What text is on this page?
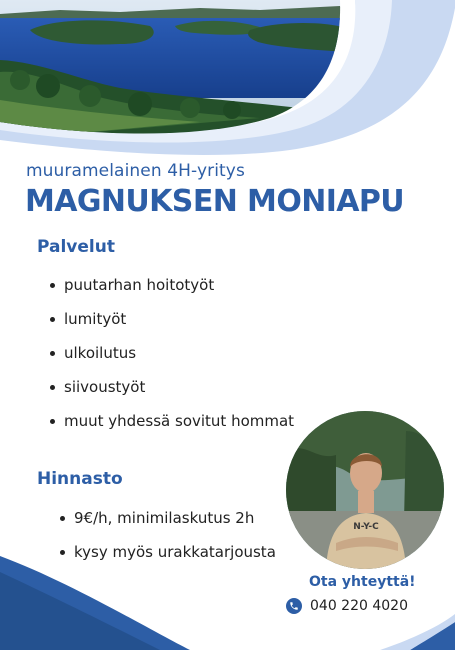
muuramelainen 4H-yritys
MAGNUKSEN MONIAPU
Palvelut
puutarhan hoitotyöt
lumityöt
ulkoilutus
siivoustyöt
muut yhdessä sovitut hommat
Hinnasto
9€/h, minimilaskutus 2h
kysy myös urakkatarjousta
N-Y-C
Ota yhteyttä!
040 220 4020
